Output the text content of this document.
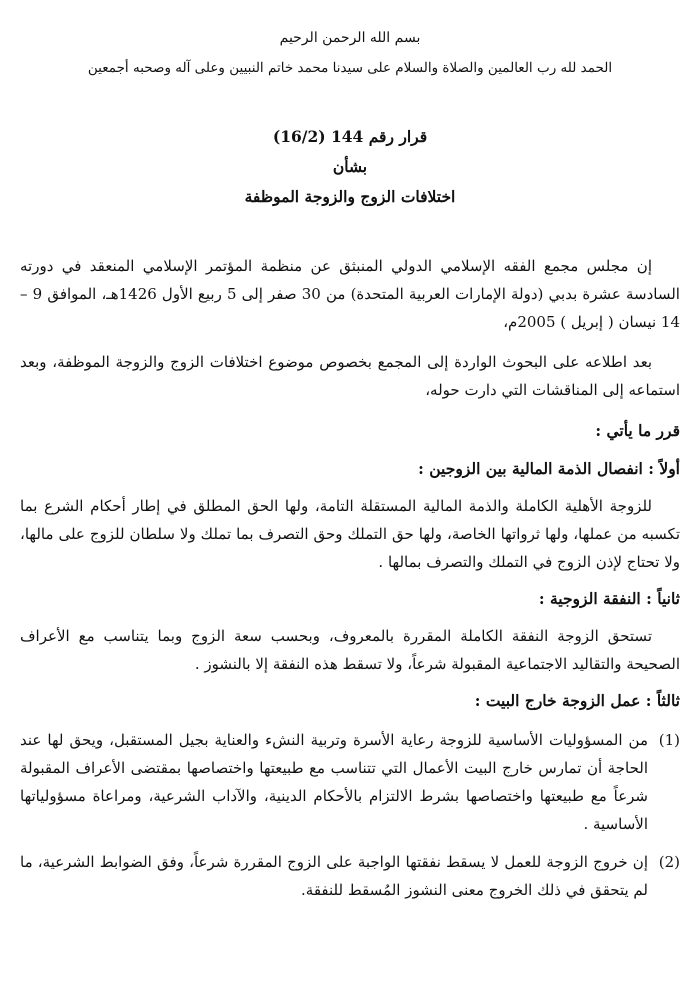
بسم الله الرحمن الرحيم
الحمد لله رب العالمين والصلاة والسلام على سيدنا محمد خاتم النبيين وعلى آله وصحبه أجمعين
قرار رقم 144 (16/2)
بشأن
اختلافات الزوج والزوجة الموظفة

إن مجلس مجمع الفقه الإسلامي الدولي المنبثق عن منظمة المؤتمر الإسلامي المنعقد في دورته السادسة عشرة بدبي (دولة الإمارات العربية المتحدة) من 30 صفر إلى 5 ربيع الأول 1426هـ، الموافق 9 – 14 نيسان ( إبريل ) 2005م،

بعد اطلاعه على البحوث الواردة إلى المجمع بخصوص موضوع اختلافات الزوج والزوجة الموظفة، وبعد استماعه إلى المناقشات التي دارت حوله،

قرر ما يأتي :
أولاً : انفصال الذمة المالية بين الزوجين :

للزوجة الأهلية الكاملة والذمة المالية المستقلة التامة، ولها الحق المطلق في إطار أحكام الشرع بما تكسبه من عملها، ولها ثرواتها الخاصة، ولها حق التملك وحق التصرف بما تملك ولا سلطان للزوج على مالها، ولا تحتاج لإذن الزوج في التملك والتصرف بمالها .

ثانياً : النفقة الزوجية :

تستحق الزوجة النفقة الكاملة المقررة بالمعروف، وبحسب سعة الزوج وبما يتناسب مع الأعراف الصحيحة والتقاليد الاجتماعية المقبولة شرعاً، ولا تسقط هذه النفقة إلا بالنشوز .

ثالثاً : عمل الزوجة خارج البيت :
(1)

من المسؤوليات الأساسية للزوجة رعاية الأسرة وتربية النشء والعناية بجيل المستقبل، ويحق لها عند الحاجة أن تمارس خارج البيت الأعمال التي تتناسب مع طبيعتها واختصاصها بمقتضى الأعراف المقبولة شرعاً مع طبيعتها واختصاصها بشرط الالتزام بالأحكام الدينية، والآداب الشرعية، ومراعاة مسؤولياتها الأساسية .

(2)

إن خروج الزوجة للعمل لا يسقط نفقتها الواجبة على الزوج المقررة شرعاً، وفق الضوابط الشرعية، ما لم يتحقق في ذلك الخروج معنى النشوز المُسقط للنفقة.
